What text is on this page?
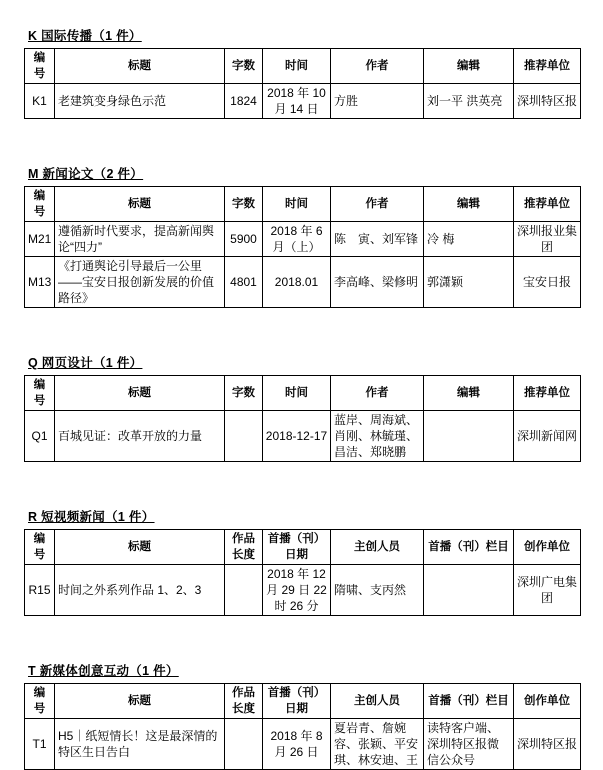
K 国际传播（1 件）
编号	标题	字数	时间	作者	编辑	推荐单位
K1	老建筑变身绿色示范	1824	2018 年 10 月 14 日	方胜	刘一平 洪英亮	深圳特区报
M 新闻论文（2 件）
编号	标题	字数	时间	作者	编辑	推荐单位
M21	遵循新时代要求，提高新闻舆论“四力”	5900	2018 年 6 月（上）	陈　寅、刘军锋	冷 梅	深圳报业集团
M13	《打通舆论引导最后一公里——宝安日报创新发展的价值路径》	4801	2018.01	李高峰、梁修明	郭潇颖	宝安日报
Q 网页设计（1 件）
编号	标题	字数	时间	作者	编辑	推荐单位
Q1	百城见证：改革开放的力量		2018-12-17	蓝岸、周海斌、肖刚、林毓瑾、昌洁、郑晓鹏		深圳新闻网
R 短视频新闻（1 件）
编号	标题	作品长度	首播（刊）日期	主创人员	首播（刊）栏目	创作单位
R15	时间之外系列作品 1、2、3		2018 年 12 月 29 日 22 时 26 分	隋啸、支丙然		深圳广电集团
T 新媒体创意互动（1 件）
编号	标题	作品长度	首播（刊）日期	主创人员	首播（刊）栏目	创作单位
T1	H5｜纸短情长！这是最深情的特区生日告白		2018 年 8 月 26 日	夏岩青、詹婉容、张颖、平安琪、林安迪、王	读特客户端、深圳特区报微信公众号	深圳特区报
